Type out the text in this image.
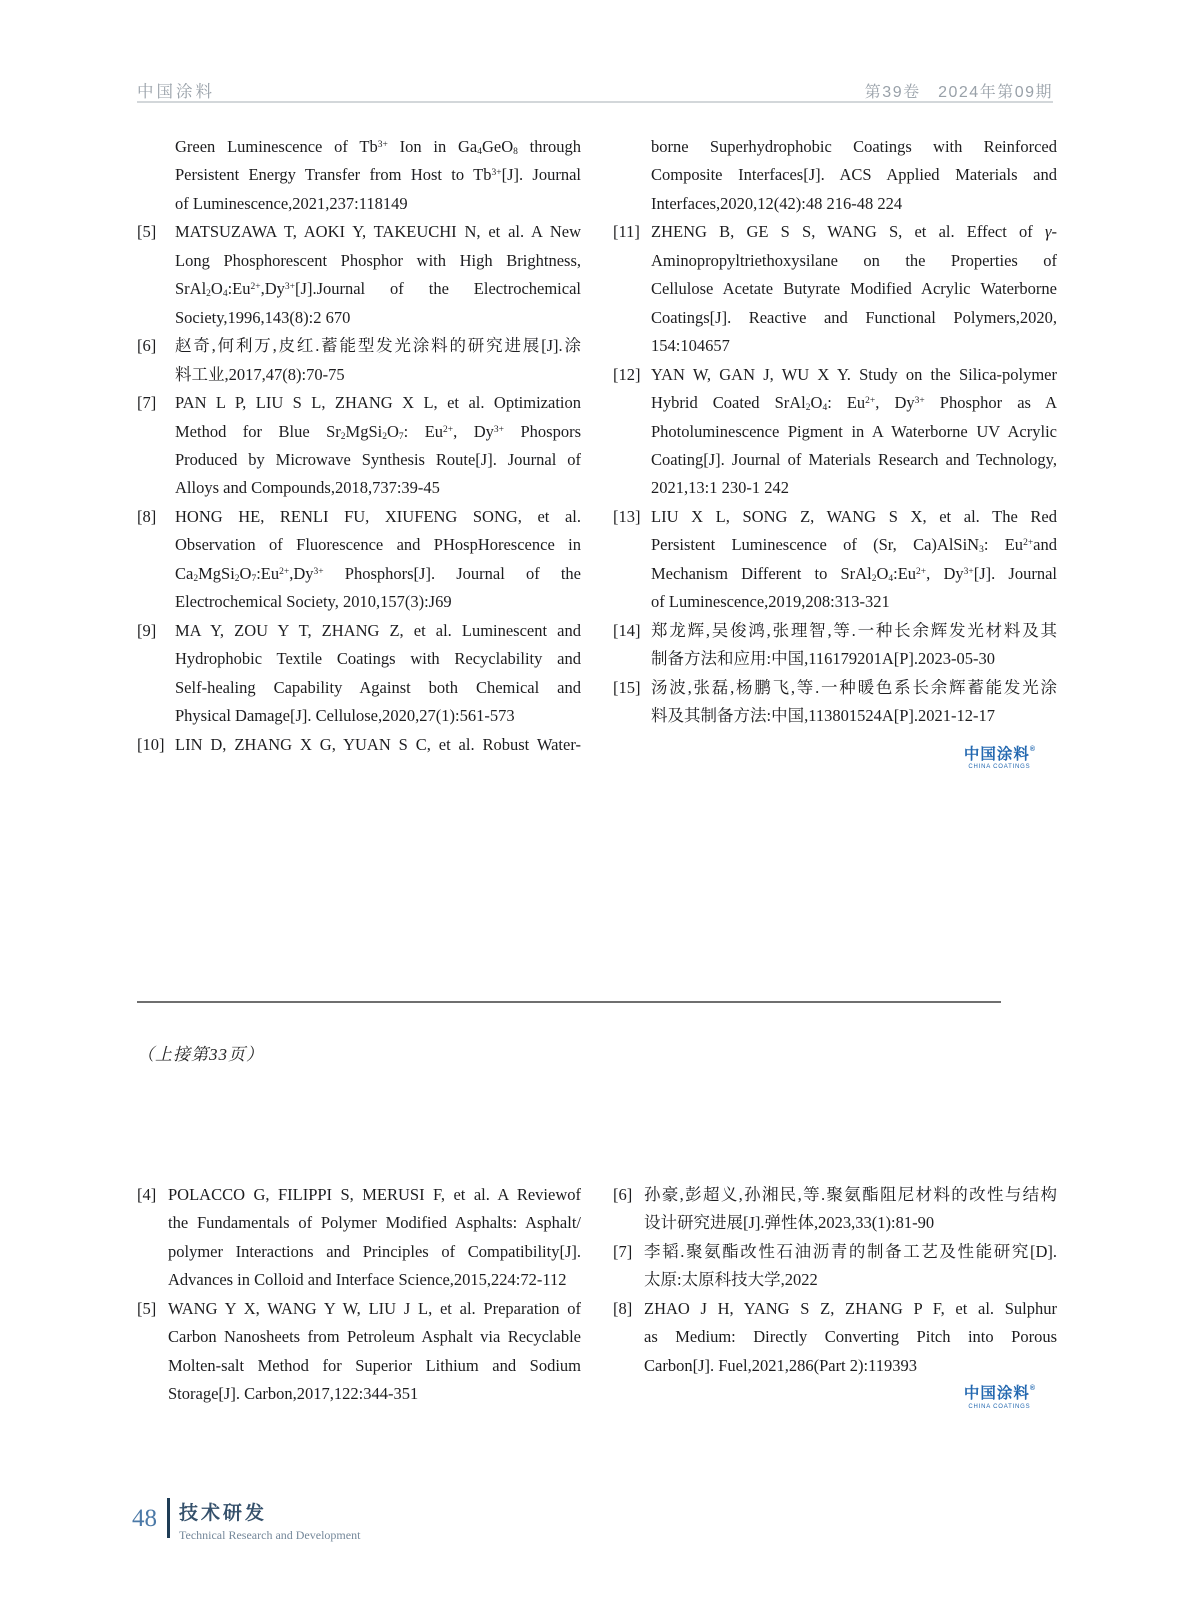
中国涂料	第39卷　2024年第09期
Green Luminescence of $Tb^{3+}$ Ion in $Ga_4GeO_8$ through
Persistent Energy Transfer from Host to $Tb^{3+}[J]$. Journal
of Luminescence,2021,237:118149
[5]	MATSUZAWA T, AOKI Y, TAKEUCHI N, et al. A New
Long Phosphorescent Phosphor with High Brightness,
$SrAl_2O_4:Eu^{2+},Dy^{3+}[J].Journal$ of the Electrochemical
Society,1996,143(8):2 670
[6]	赵奇,何利万,皮红.蓄能型发光涂料的研究进展[J].涂
料工业,2017,47(8):70-75
[7]	PAN L P, LIU S L, ZHANG X L, et al. Optimization
Method for Blue $Sr_2MgSi_2O_7$: $Eu^{2+}$, $Dy^{3+}$ Phospors
Produced by Microwave Synthesis Route[J]. Journal of
Alloys and Compounds,2018,737:39-45
[8]	HONG HE, RENLI FU, XIUFENG SONG, et al.
Observation of Fluorescence and PHospHorescence in
$Ca_2MgSi_2O_7:Eu^{2+},Dy^{3+}$ Phosphors[J]. Journal of the
Electrochemical Society, 2010,157(3):J69
[9]	MA Y, ZOU Y T, ZHANG Z, et al. Luminescent and
Hydrophobic Textile Coatings with Recyclability and
Self-healing Capability Against both Chemical and
Physical Damage[J]. Cellulose,2020,27(1):561-573
[10] LIN D, ZHANG X G, YUAN S C, et al. Robust Water-
borne Superhydrophobic Coatings with Reinforced
Composite Interfaces[J]. ACS Applied Materials and
Interfaces,2020,12(42):48 216-48 224
[11] ZHENG B, GE S S, WANG S, et al. Effect of γ-
Aminopropyltriethoxysilane on the Properties of
Cellulose Acetate Butyrate Modified Acrylic Waterborne
Coatings[J]. Reactive and Functional Polymers,2020,
154:104657
[12] YAN W, GAN J, WU X Y. Study on the Silica-polymer
Hybrid Coated $SrAl_2O_4$: $Eu^{2+}$, $Dy^{3+}$ Phosphor as A
Photoluminescence Pigment in A Waterborne UV Acrylic
Coating[J]. Journal of Materials Research and Technology,
2021,13:1 230-1 242
[13] LIU X L, SONG Z, WANG S X, et al. The Red
Persistent Luminescence of (Sr, Ca)AlSiN$_3$: $Eu^{2+}and$
Mechanism Different to $SrAl_2O_4:Eu^{2+}$, $Dy^{3+}[J]$. Journal
of Luminescence,2019,208:313-321
[14] 郑龙辉,吴俊鸿,张理智,等.一种长余辉发光材料及其
制备方法和应用:中国,116179201A[P].2023-05-30
[15] 汤波,张磊,杨鹏飞,等.一种暖色系长余辉蓄能发光涂
料及其制备方法:中国,113801524A[P].2021-12-17
中国涂料®
CHINA COATINGS
（上接第33页）
[4] POLACCO G, FILIPPI S, MERUSI F, et al. A Reviewof
the Fundamentals of Polymer Modified Asphalts: Asphalt/
polymer Interactions and Principles of Compatibility[J].
Advances in Colloid and Interface Science,2015,224:72-112
[5] WANG Y X, WANG Y W, LIU J L, et al. Preparation of
Carbon Nanosheets from Petroleum Asphalt via Recyclable
Molten-salt Method for Superior Lithium and Sodium
Storage[J]. Carbon,2017,122:344-351
[6] 孙豪,彭超义,孙湘民,等.聚氨酯阻尼材料的改性与结构
设计研究进展[J].弹性体,2023,33(1):81-90
[7] 李韬.聚氨酯改性石油沥青的制备工艺及性能研究[D].
太原:太原科技大学,2022
[8] ZHAO J H, YANG S Z, ZHANG P F, et al. Sulphur
as Medium: Directly Converting Pitch into Porous
Carbon[J]. Fuel,2021,286(Part 2):119393
中国涂料®
CHINA COATINGS
48 技术研发
Technical Research and Development
